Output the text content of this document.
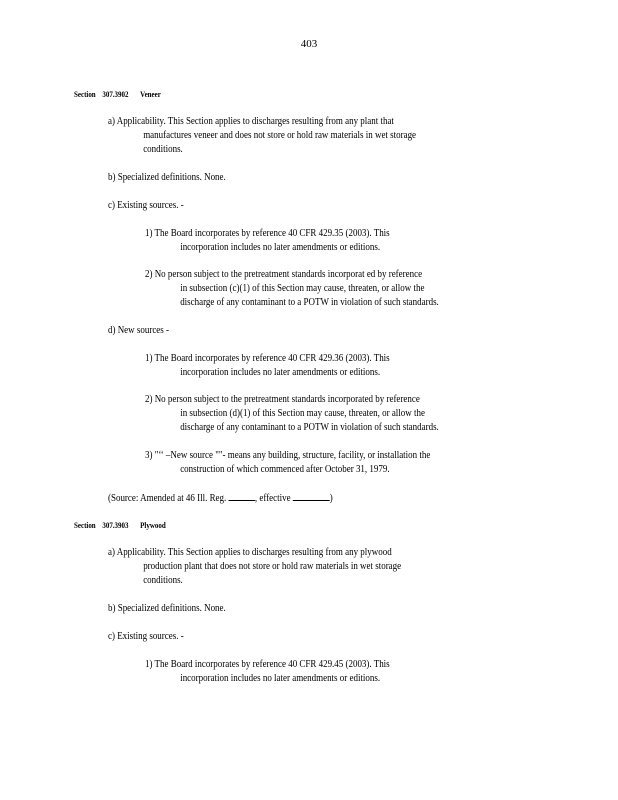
403
Section 307.3902 Veneer
a) Applicability. This Section applies to discharges resulting from any plant that
manufactures veneer and does not store or hold raw materials in wet storage
conditions.
b) Specialized definitions. None.
c) Existing sources. -
1) The Board incorporates by reference 40 CFR 429.35 (2003). This
incorporation includes no later amendments or editions.
2) No person subject to the pretreatment standards incorporat ed by reference
in subsection (c)(1) of this Section may cause, threaten, or allow the
discharge of any contaminant to a POTW in violation of such standards.
d) New sources -
1) The Board incorporates by reference 40 CFR 429.36 (2003). This
incorporation includes no later amendments or editions.
2) No person subject to the pretreatment standards incorporated by reference
in subsection (d)(1) of this Section may cause, threaten, or allow the
discharge of any contaminant to a POTW in violation of such standards.
3) "‘‘ –New source ""- means any building, structure, facility, or installation the
construction of which commenced after October 31, 1979.
(Source: Amended at 46 Ill. Reg.	, effective	)
Section 307.3903 Plywood
a) Applicability. This Section applies to discharges resulting from any plywood
production plant that does not store or hold raw materials in wet storage
conditions.
b) Specialized definitions. None.
c) Existing sources. -
1) The Board incorporates by reference 40 CFR 429.45 (2003). This
incorporation includes no later amendments or editions.
